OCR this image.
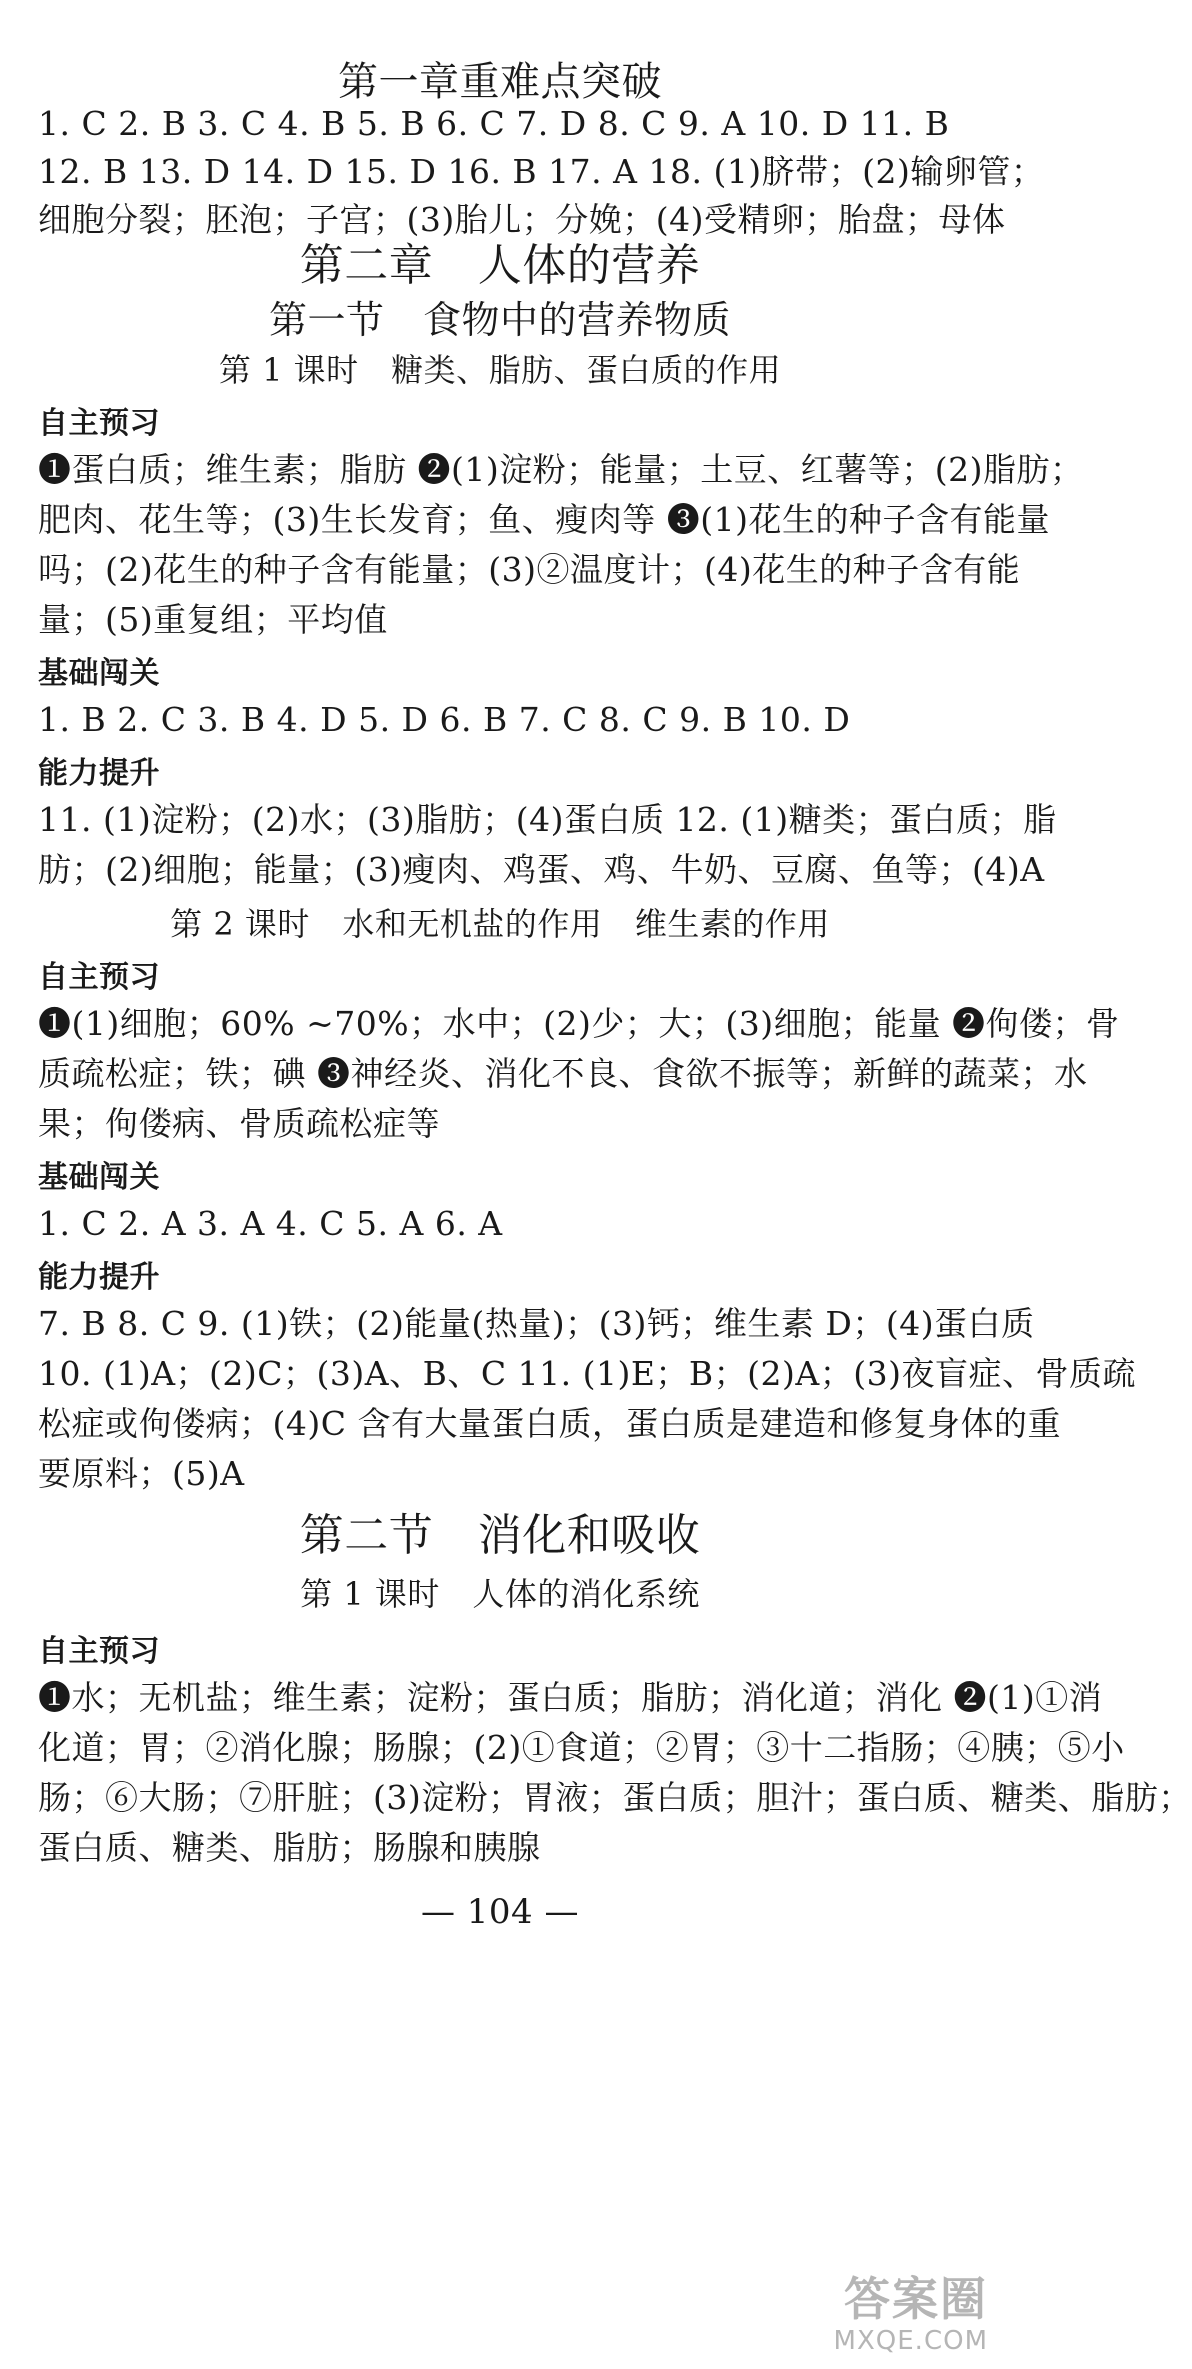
第一章重难点突破
1. C 2. B 3. C 4. B 5. B 6. C 7. D 8. C 9. A 10. D 11. B
12. B 13. D 14. D 15. D 16. B 17. A 18. (1)脐带；(2)输卵管；
细胞分裂；胚泡；子宫；(3)胎儿；分娩；(4)受精卵；胎盘；母体
第二章　人体的营养
第一节　食物中的营养物质
第 1 课时　糖类、脂肪、蛋白质的作用
自主预习
❶蛋白质；维生素；脂肪 ❷(1)淀粉；能量；土豆、红薯等；(2)脂肪；
肥肉、花生等；(3)生长发育；鱼、瘦肉等 ❸(1)花生的种子含有能量
吗；(2)花生的种子含有能量；(3)②温度计；(4)花生的种子含有能
量；(5)重复组；平均值
基础闯关
1. B 2. C 3. B 4. D 5. D 6. B 7. C 8. C 9. B 10. D
能力提升
11. (1)淀粉；(2)水；(3)脂肪；(4)蛋白质 12. (1)糖类；蛋白质；脂
肪；(2)细胞；能量；(3)瘦肉、鸡蛋、鸡、牛奶、豆腐、鱼等；(4)A
第 2 课时　水和无机盐的作用　维生素的作用
自主预习
❶(1)细胞；60% ~70%；水中；(2)少；大；(3)细胞；能量 ❷佝偻；骨
质疏松症；铁；碘 ❸神经炎、消化不良、食欲不振等；新鲜的蔬菜；水
果；佝偻病、骨质疏松症等
基础闯关
1. C 2. A 3. A 4. C 5. A 6. A
能力提升
7. B 8. C 9. (1)铁；(2)能量(热量)；(3)钙；维生素 D；(4)蛋白质
10. (1)A；(2)C；(3)A、B、C 11. (1)E；B；(2)A；(3)夜盲症、骨质疏
松症或佝偻病；(4)C 含有大量蛋白质，蛋白质是建造和修复身体的重
要原料；(5)A
第二节　消化和吸收
第 1 课时　人体的消化系统
自主预习
❶水；无机盐；维生素；淀粉；蛋白质；脂肪；消化道；消化 ❷(1)①消
化道；胃；②消化腺；肠腺；(2)①食道；②胃；③十二指肠；④胰；⑤小
肠；⑥大肠；⑦肝脏；(3)淀粉；胃液；蛋白质；胆汁；蛋白质、糖类、脂肪；
蛋白质、糖类、脂肪；肠腺和胰腺
— 104 —
答案圈
MXQE.COM
